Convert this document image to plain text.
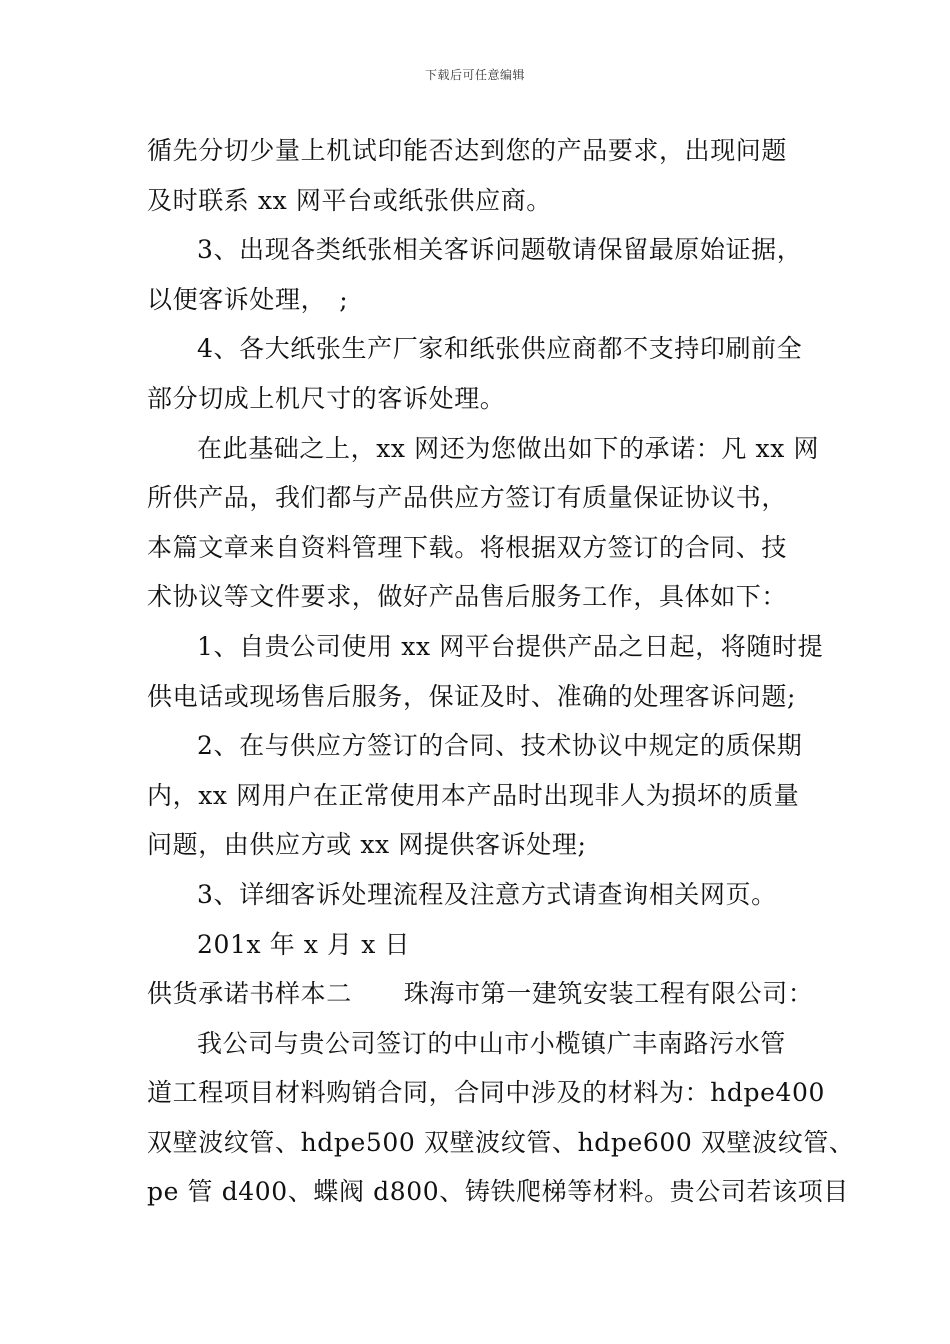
下载后可任意编辑
循先分切少量上机试印能否达到您的产品要求，出现问题
及时联系 xx 网平台或纸张供应商。
3、出现各类纸张相关客诉问题敬请保留最原始证据，
以便客诉处理，　;
4、各大纸张生产厂家和纸张供应商都不支持印刷前全
部分切成上机尺寸的客诉处理。
在此基础之上，xx 网还为您做出如下的承诺：凡 xx 网
所供产品，我们都与产品供应方签订有质量保证协议书，
本篇文章来自资料管理下载。将根据双方签订的合同、技
术协议等文件要求，做好产品售后服务工作，具体如下：
1、自贵公司使用 xx 网平台提供产品之日起，将随时提
供电话或现场售后服务，保证及时、准确的处理客诉问题;
2、在与供应方签订的合同、技术协议中规定的质保期
内，xx 网用户在正常使用本产品时出现非人为损坏的质量
问题，由供应方或 xx 网提供客诉处理;
3、详细客诉处理流程及注意方式请查询相关网页。
201x 年 x 月 x 日
供货承诺书样本二 珠海市第一建筑安装工程有限公司：
我公司与贵公司签订的中山市小榄镇广丰南路污水管
道工程项目材料购销合同，合同中涉及的材料为：hdpe400
双壁波纹管、hdpe500 双壁波纹管、hdpe600 双壁波纹管、
pe 管 d400、蝶阀 d800、铸铁爬梯等材料。贵公司若该项目
